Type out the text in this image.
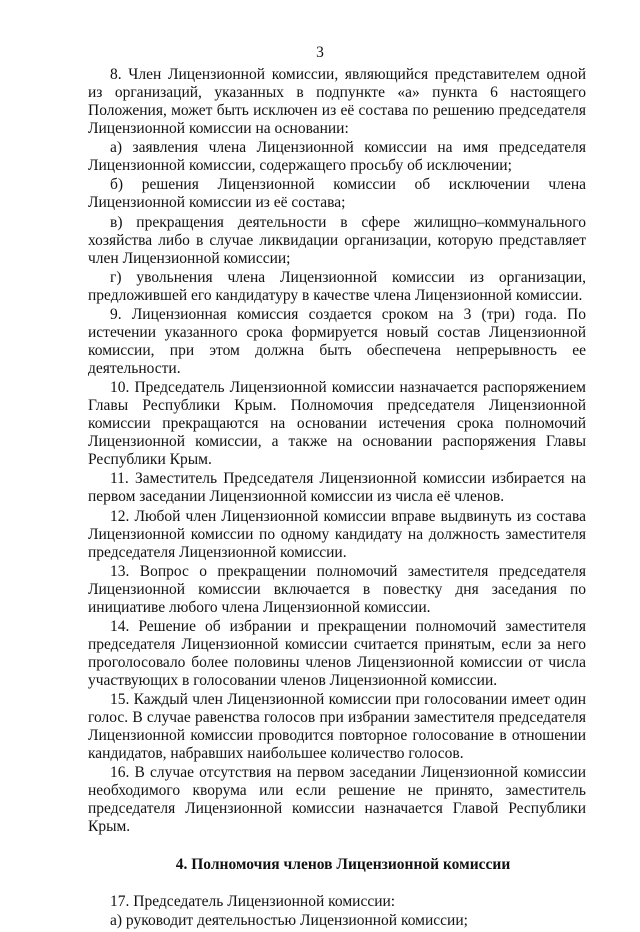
3

8. Член Лицензионной комиссии, являющийся представителем одной из организаций, указанных в подпункте «а» пункта 6 настоящего Положения, может быть исключен из её состава по решению председателя Лицензионной комиссии на основании:

а) заявления члена Лицензионной комиссии на имя председателя Лицензионной комиссии, содержащего просьбу об исключении;

б) решения Лицензионной комиссии об исключении члена Лицензионной комиссии из её состава;

в) прекращения деятельности в сфере жилищно–коммунального хозяйства либо в случае ликвидации организации, которую представляет член Лицензионной комиссии;

г) увольнения члена Лицензионной комиссии из организации, предложившей его кандидатуру в качестве члена Лицензионной комиссии.

9. Лицензионная комиссия создается сроком на 3 (три) года. По истечении указанного срока формируется новый состав Лицензионной комиссии, при этом должна быть обеспечена непрерывность ее деятельности.

10. Председатель Лицензионной комиссии назначается распоряжением Главы Республики Крым. Полномочия председателя Лицензионной комиссии прекращаются на основании истечения срока полномочий Лицензионной комиссии, а также на основании распоряжения Главы Республики Крым.

11. Заместитель Председателя Лицензионной комиссии избирается на первом заседании Лицензионной комиссии из числа её членов.

12. Любой член Лицензионной комиссии вправе выдвинуть из состава Лицензионной комиссии по одному кандидату на должность заместителя председателя Лицензионной комиссии.

13. Вопрос о прекращении полномочий заместителя председателя Лицензионной комиссии включается в повестку дня заседания по инициативе любого члена Лицензионной комиссии.

14. Решение об избрании и прекращении полномочий заместителя председателя Лицензионной комиссии считается принятым, если за него проголосовало более половины членов Лицензионной комиссии от числа участвующих в голосовании членов Лицензионной комиссии.

15. Каждый член Лицензионной комиссии при голосовании имеет один голос. В случае равенства голосов при избрании заместителя председателя Лицензионной комиссии проводится повторное голосование в отношении кандидатов, набравших наибольшее количество голосов.

16. В случае отсутствия на первом заседании Лицензионной комиссии необходимого кворума или если решение не принято, заместитель председателя Лицензионной комиссии назначается Главой Республики Крым.

4. Полномочия членов Лицензионной комиссии

17. Председатель Лицензионной комиссии:

а) руководит деятельностью Лицензионной комиссии;
